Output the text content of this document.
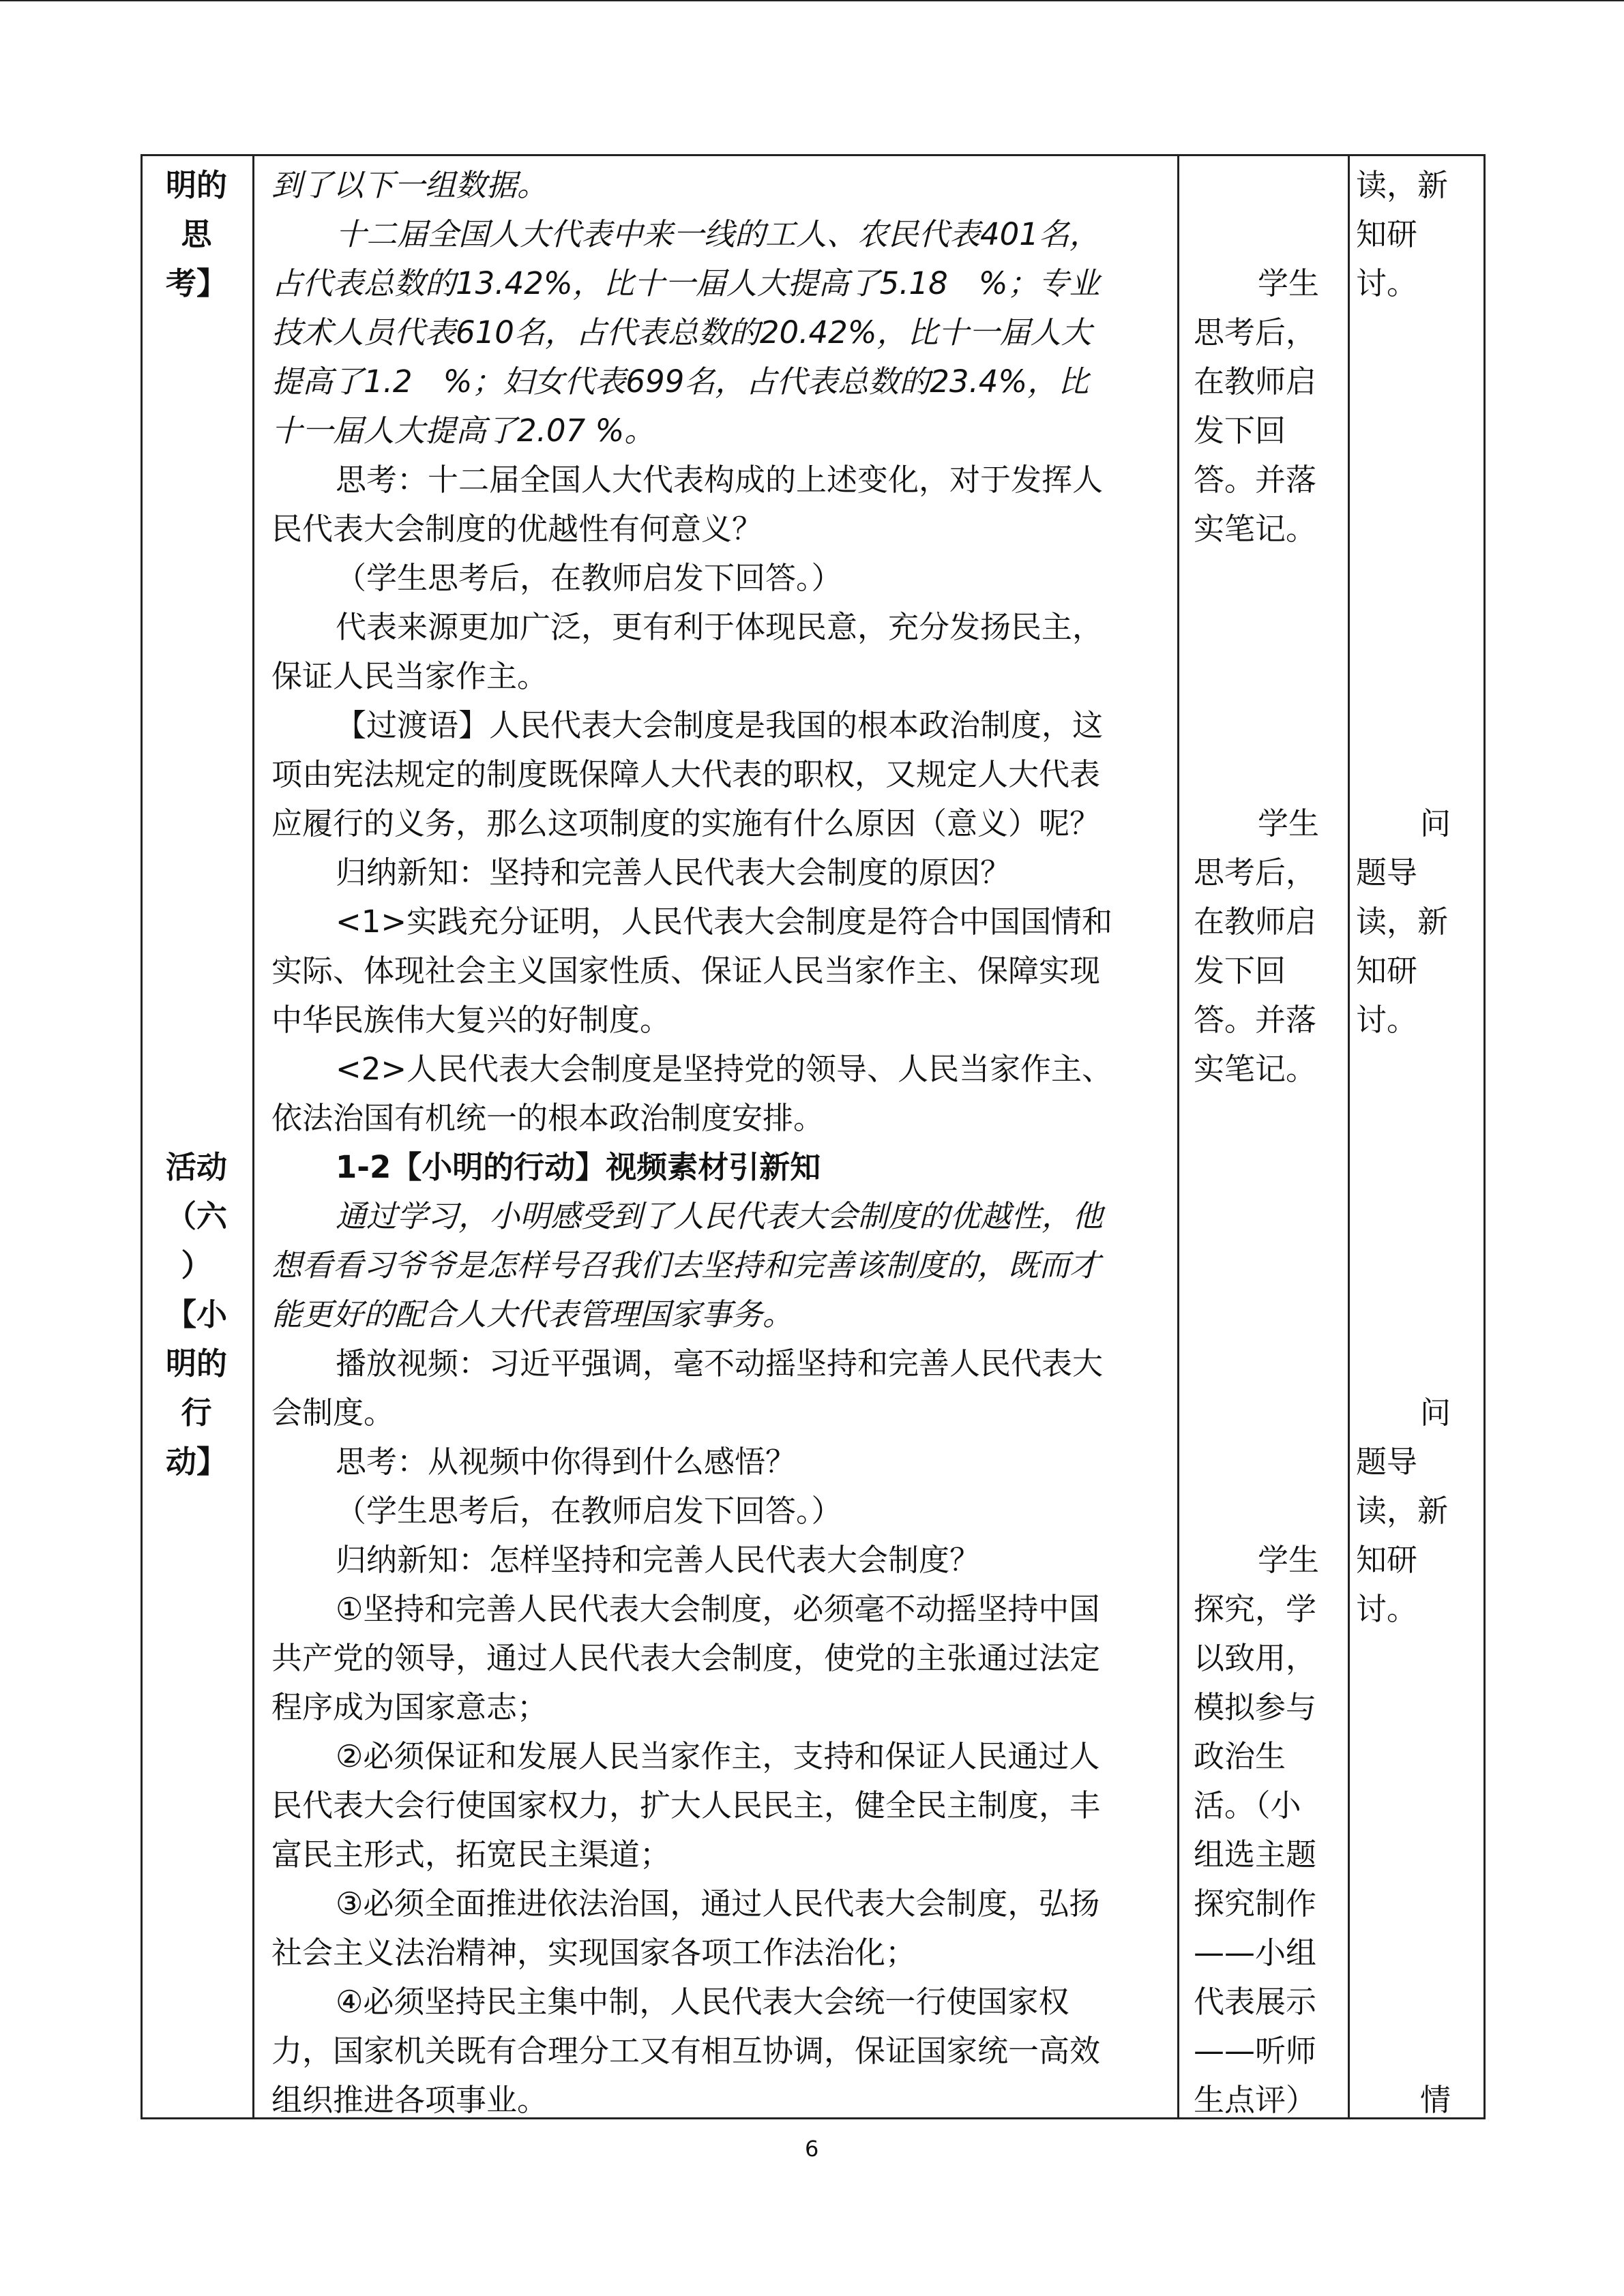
明的
思
考】
活动
（六
）
【小
明的
行
动】
到了以下一组数据。
十二届全国人大代表中来一线的工人、农民代表401名，
占代表总数的13.42%，比十一届人大提高了5.18　%；专业
技术人员代表610名，占代表总数的20.42%，比十一届人大
提高了1.2　%；妇女代表699名，占代表总数的23.4%，比
十一届人大提高了2.07 %。
思考：十二届全国人大代表构成的上述变化，对于发挥人
民代表大会制度的优越性有何意义？
（学生思考后，在教师启发下回答。）
代表来源更加广泛，更有利于体现民意，充分发扬民主，
保证人民当家作主。
【过渡语】人民代表大会制度是我国的根本政治制度，这
项由宪法规定的制度既保障人大代表的职权，又规定人大代表
应履行的义务，那么这项制度的实施有什么原因（意义）呢？
归纳新知：坚持和完善人民代表大会制度的原因？
<1>实践充分证明，人民代表大会制度是符合中国国情和
实际、体现社会主义国家性质、保证人民当家作主、保障实现
中华民族伟大复兴的好制度。
<2>人民代表大会制度是坚持党的领导、人民当家作主、
依法治国有机统一的根本政治制度安排。
1-2【小明的行动】视频素材引新知
通过学习，小明感受到了人民代表大会制度的优越性，他
想看看习爷爷是怎样号召我们去坚持和完善该制度的，既而才
能更好的配合人大代表管理国家事务。
播放视频：习近平强调，毫不动摇坚持和完善人民代表大
会制度。
思考：从视频中你得到什么感悟？
（学生思考后，在教师启发下回答。）
归纳新知：怎样坚持和完善人民代表大会制度？
①坚持和完善人民代表大会制度，必须毫不动摇坚持中国
共产党的领导，通过人民代表大会制度，使党的主张通过法定
程序成为国家意志；
②必须保证和发展人民当家作主，支持和保证人民通过人
民代表大会行使国家权力，扩大人民民主，健全民主制度，丰
富民主形式，拓宽民主渠道；
③必须全面推进依法治国，通过人民代表大会制度，弘扬
社会主义法治精神，实现国家各项工作法治化；
④必须坚持民主集中制，人民代表大会统一行使国家权
力，国家机关既有合理分工又有相互协调，保证国家统一高效
组织推进各项事业。
学生
思考后，
在教师启
发下回
答。并落
实笔记。
学生
思考后，
在教师启
发下回
答。并落
实笔记。
学生
探究，学
以致用，
模拟参与
政治生
活。（小
组选主题
探究制作
——小组
代表展示
——听师
生点评）
读，新
知研
讨。
问
题导
读，新
知研
讨。
问
题导
读，新
知研
讨。
情
6
